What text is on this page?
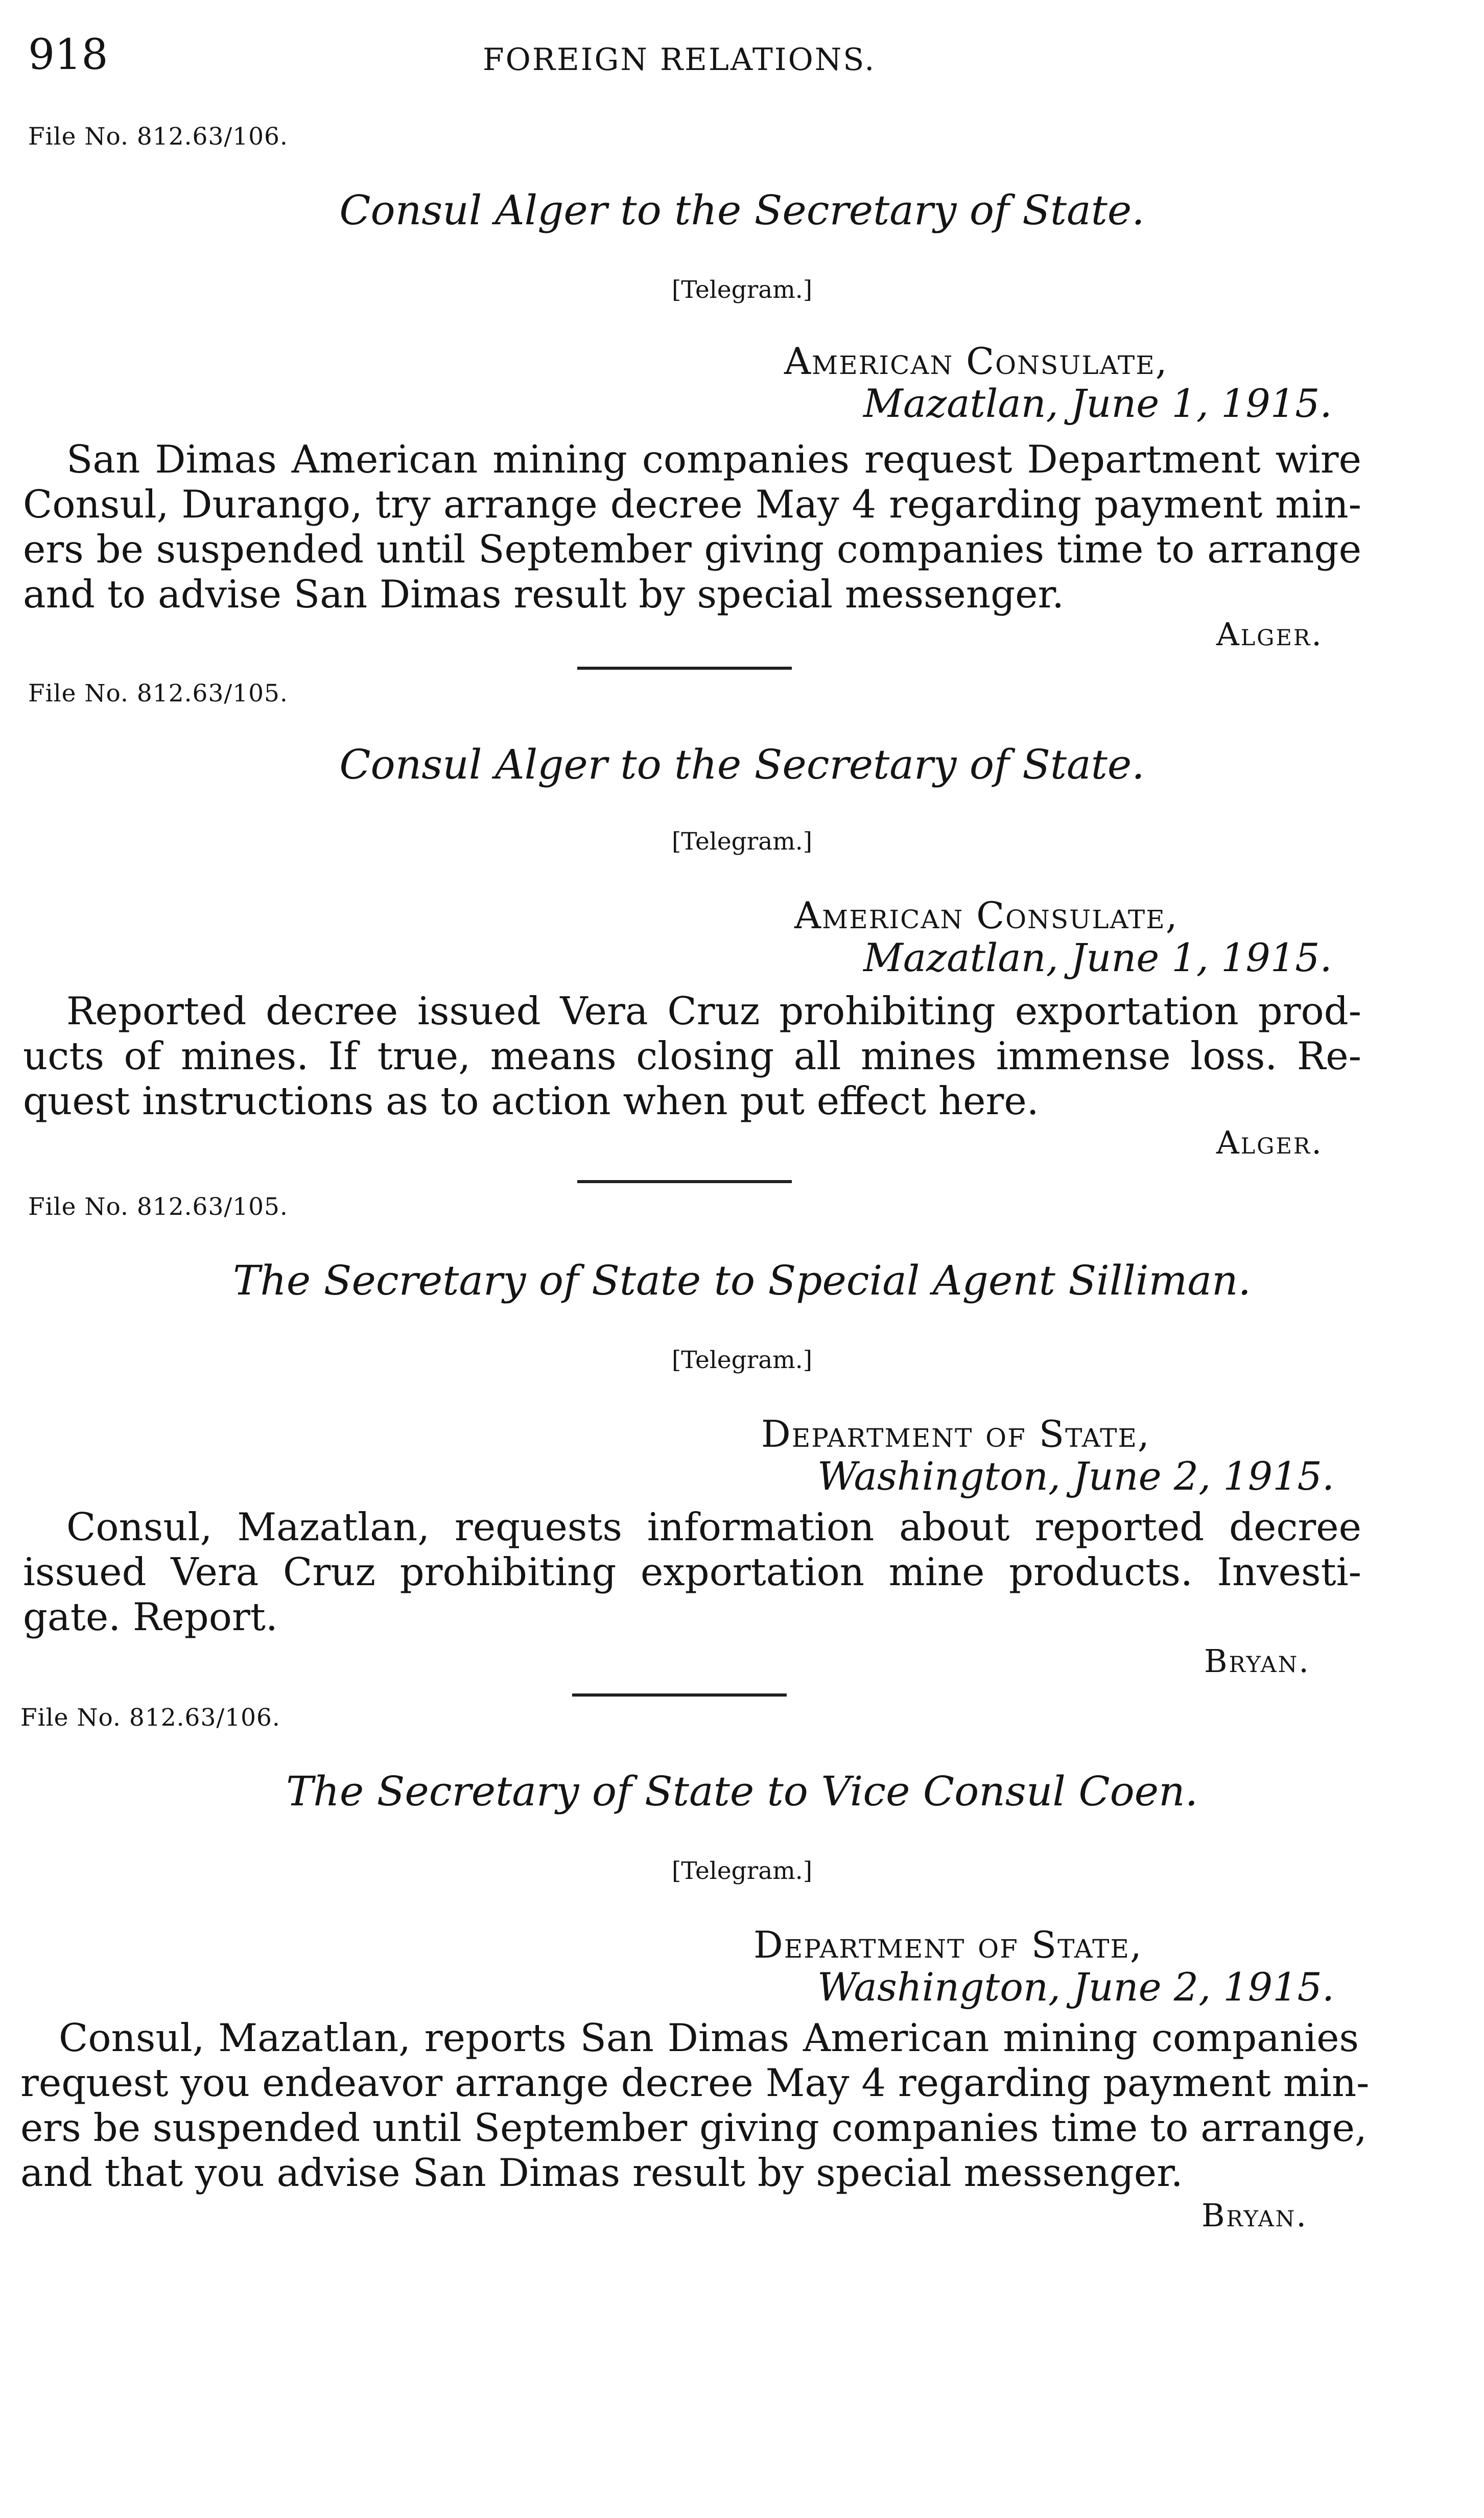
918	FOREIGN RELATIONS.
File No. 812.63/106.
Consul Alger to the Secretary of State.
[Telegram.]
American Consulate,
Mazatlan, June 1, 1915.
San Dimas American mining companies request Department wire
Consul, Durango, try arrange decree May 4 regarding payment min-
ers be suspended until September giving companies time to arrange
and to advise San Dimas result by special messenger.
Alger.
File No. 812.63/105.
Consul Alger to the Secretary of State.
[Telegram.]
American Consulate,
Mazatlan, June 1, 1915.
Reported decree issued Vera Cruz prohibiting exportation prod-
ucts of mines. If true, means closing all mines immense loss. Re-
quest instructions as to action when put effect here.
Alger.
File No. 812.63/105.
The Secretary of State to Special Agent Silliman.
[Telegram.]
Department of State,
Washington, June 2, 1915.
Consul, Mazatlan, requests information about reported decree
issued Vera Cruz prohibiting exportation mine products. Investi-
gate. Report.
Bryan.
File No. 812.63/106.
The Secretary of State to Vice Consul Coen.
[Telegram.]
Department of State,
Washington, June 2, 1915.
Consul, Mazatlan, reports San Dimas American mining companies
request you endeavor arrange decree May 4 regarding payment min-
ers be suspended until September giving companies time to arrange,
and that you advise San Dimas result by special messenger.
Bryan.
